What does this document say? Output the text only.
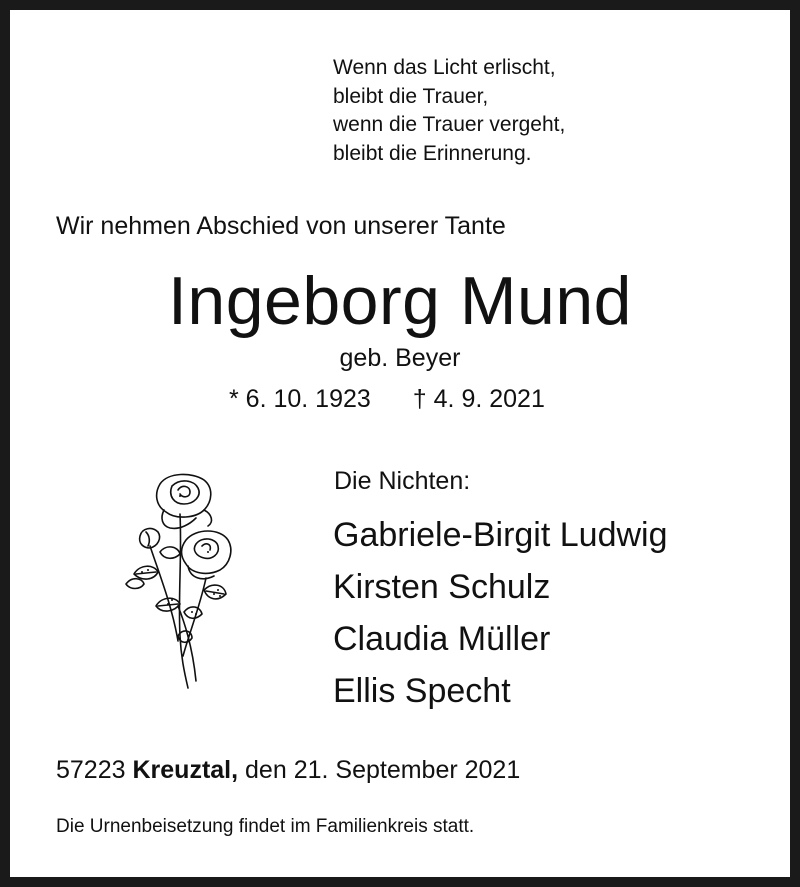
Wenn das Licht erlischt,
bleibt die Trauer,
wenn die Trauer vergeht,
bleibt die Erinnerung.
Wir nehmen Abschied von unserer Tante
Ingeborg Mund
geb. Beyer
* 6. 10. 1923 † 4. 9. 2021
Die Nichten:
Gabriele-Birgit Ludwig
Kirsten Schulz
Claudia Müller
Ellis Specht
57223 Kreuztal, den 21. September 2021
Die Urnenbeisetzung findet im Familienkreis statt.
